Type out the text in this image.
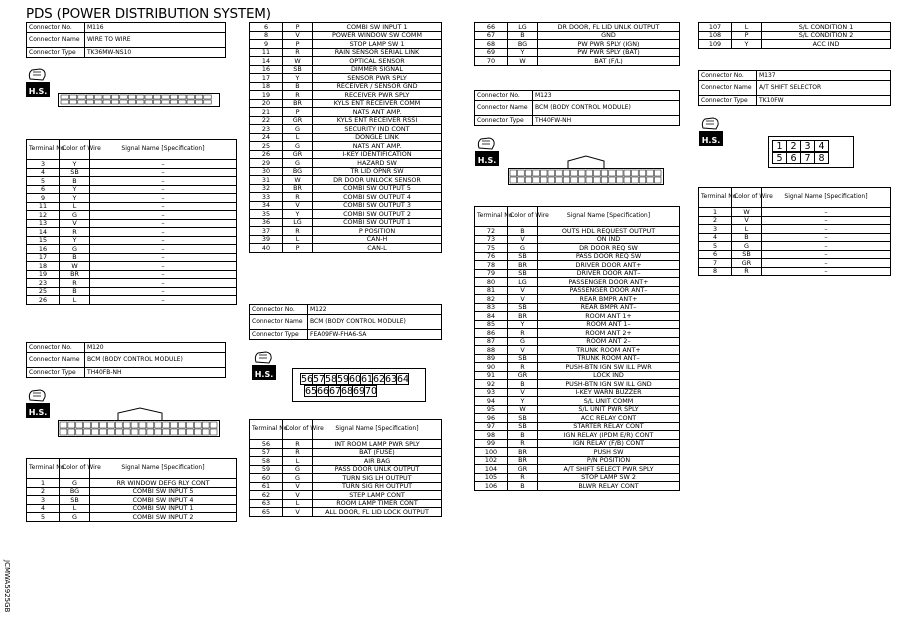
PDS (POWER DISTRIBUTION SYSTEM)
JCMWA5925GB
Connector No.	M116
Connector Name	WIRE TO WIRE
Connector Type	TK36MW-NS10
H.S.
Terminal No.	Color of Wire	Signal Name [Specification]
3	Y	–
4	SB	–
5	B	–
6	Y	–
9	Y	–
11	L	–
12	G	–
13	V	–
14	R	–
15	Y	–
16	G	–
17	B	–
18	W	–
19	BR	–
23	R	–
25	B	–
26	L	–
Connector No.	M120
Connector Name	BCM (BODY CONTROL MODULE)
Connector Type	TH40FB-NH
H.S.
Terminal No.	Color of Wire	Signal Name [Specification]
1	G	RR WINDOW DEFG RLY CONT
2	BG	COMBI SW INPUT 5
3	SB	COMBI SW INPUT 4
4	L	COMBI SW INPUT 1
5	G	COMBI SW INPUT 2
6	P	COMBI SW INPUT 1
8	V	POWER WINDOW SW COMM
9	P	STOP LAMP SW 1
11	R	RAIN SENSOR SERIAL LINK
14	W	OPTICAL SENSOR
16	SB	DIMMER SIGNAL
17	Y	SENSOR PWR SPLY
18	B	RECEIVER / SENSOR GND
19	R	RECEIVER PWR SPLY
20	BR	KYLS ENT RECEIVER COMM
21	P	NATS ANT AMP.
22	GR	KYLS ENT RECEIVER RSSI
23	G	SECURITY IND CONT
24	L	DONGLE LINK
25	G	NATS ANT AMP.
26	GR	I-KEY IDENTIFICATION
29	G	HAZARD SW
30	BG	TR LID OPNR SW
31	W	DR DOOR UNLOCK SENSOR
32	BR	COMBI SW OUTPUT 5
33	R	COMBI SW OUTPUT 4
34	V	COMBI SW OUTPUT 3
35	Y	COMBI SW OUTPUT 2
36	LG	COMBI SW OUTPUT 1
37	R	P POSITION
39	L	CAN-H
40	P	CAN-L
Connector No.	M122
Connector Name	BCM (BODY CONTROL MODULE)
Connector Type	FEA09FW-FHA6-SA
H.S.	56 57 58 59 60 61 62 63 64
65 66 67 68 69 70
Terminal No.	Color of Wire	Signal Name [Specification]
56	R	INT ROOM LAMP PWR SPLY
57	R	BAT (FUSE)
58	L	AIR BAG
59	G	PASS DOOR UNLK OUTPUT
60	G	TURN SIG LH OUTPUT
61	V	TURN SIG RH OUTPUT
62	V	STEP LAMP CONT
63	L	ROOM LAMP TIMER CONT
65	V	ALL DOOR, FL LID LOCK OUTPUT
66	LG	DR DOOR, FL LID UNLK OUTPUT
67	B	GND
68	BG	PW PWR SPLY (IGN)
69	Y	PW PWR SPLY (BAT)
70	W	BAT (F/L)
Connector No.	M123
Connector Name	BCM (BODY CONTROL MODULE)
Connector Type	TH40FW-NH
H.S.
Terminal No.	Color of Wire	Signal Name [Specification]
72	B	OUTS HDL REQUEST OUTPUT
73	V	ON IND
75	G	DR DOOR REQ SW
76	SB	PASS DOOR REQ SW
78	BR	DRIVER DOOR ANT+
79	SB	DRIVER DOOR ANT–
80	LG	PASSENGER DOOR ANT+
81	V	PASSENGER DOOR ANT–
82	V	REAR BMPR ANT+
83	SB	REAR BMPR ANT–
84	BR	ROOM ANT 1+
85	Y	ROOM ANT 1–
86	R	ROOM ANT 2+
87	G	ROOM ANT 2–
88	V	TRUNK ROOM ANT+
89	SB	TRUNK ROOM ANT–
90	R	PUSH-BTN IGN SW ILL PWR
91	GR	LOCK IND
92	B	PUSH-BTN IGN SW ILL GND
93	V	I-KEY WARN BUZZER
94	Y	S/L UNIT COMM
95	W	S/L UNIT PWR SPLY
96	SB	ACC RELAY CONT
97	SB	STARTER RELAY CONT
98	B	IGN RELAY (IPDM E/R) CONT
99	R	IGN RELAY (F/B) CONT
100	BR	PUSH SW
102	BR	P/N POSITION
104	GR	A/T SHIFT SELECT PWR SPLY
105	R	STOP LAMP SW 2
106	B	BLWR RELAY CONT
107	L	S/L CONDITION 1
108	P	S/L CONDITION 2
109	Y	ACC IND
Connector No.	M137
Connector Name	A/T SHIFT SELECTOR
Connector Type	TK10FW
H.S.
1 2 3 4
5 6 7 8
Terminal No.	Color of Wire	Signal Name [Specification]
1	W	–
2	V	–
3	L	–
4	B	–
5	G	–
6	SB	–
7	GR	–
8	R	–
